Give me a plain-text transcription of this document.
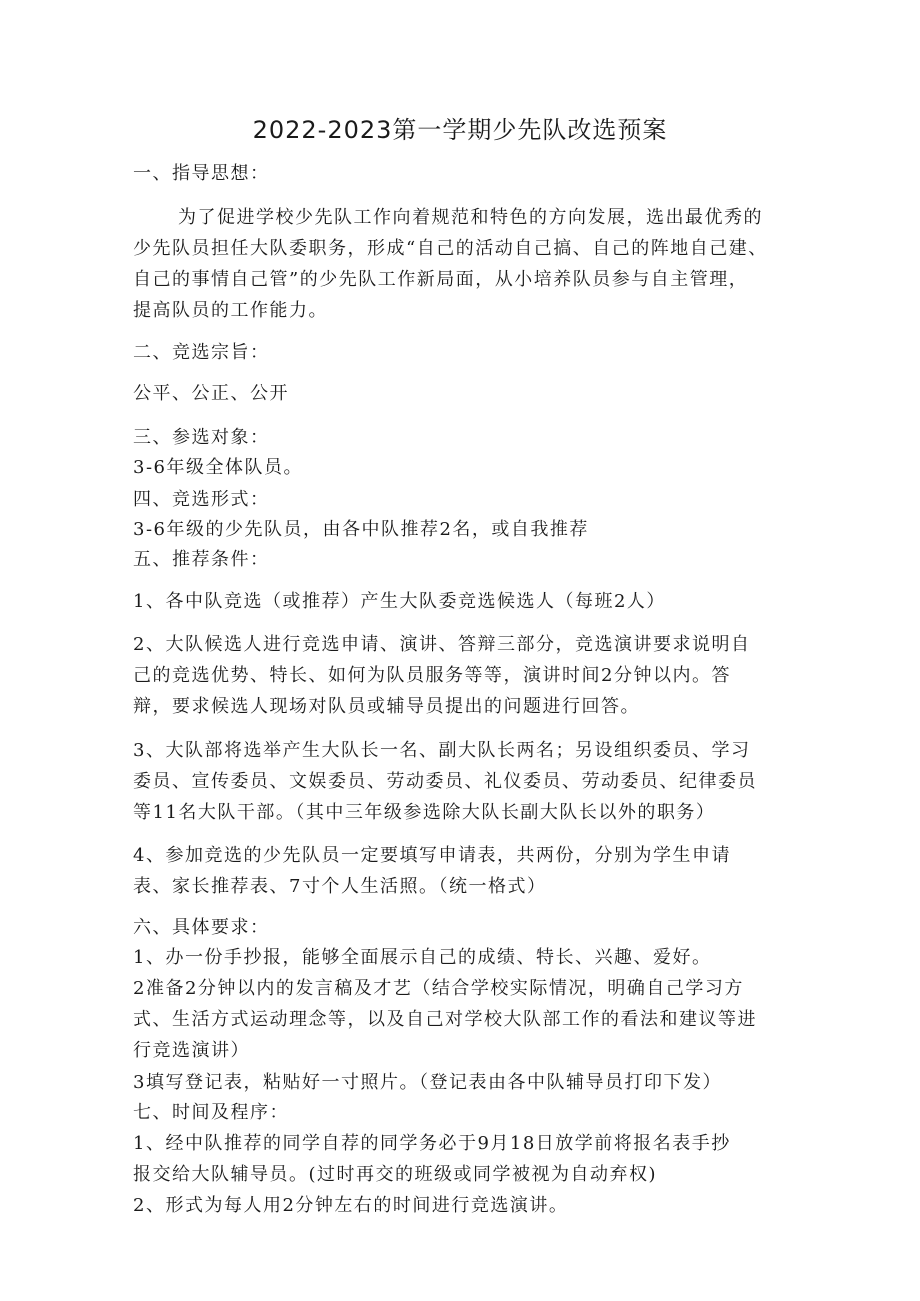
2022-2023第一学期少先队改选预案
一、指导思想：
为了促进学校少先队工作向着规范和特色的方向发展，选出最优秀的
少先队员担任大队委职务，形成“自己的活动自己搞、自己的阵地自己建、
自己的事情自己管”的少先队工作新局面，从小培养队员参与自主管理，
提高队员的工作能力。
二、竞选宗旨：
公平、公正、公开
三、参选对象：
3-6年级全体队员。
四、竞选形式：
3-6年级的少先队员，由各中队推荐2名，或自我推荐
五、推荐条件：
1、各中队竞选（或推荐）产生大队委竞选候选人（每班2人）
2、大队候选人进行竞选申请、演讲、答辩三部分，竞选演讲要求说明自
己的竞选优势、特长、如何为队员服务等等，演讲时间2分钟以内。答
辩，要求候选人现场对队员或辅导员提出的问题进行回答。
3、大队部将选举产生大队长一名、副大队长两名；另设组织委员、学习
委员、宣传委员、文娱委员、劳动委员、礼仪委员、劳动委员、纪律委员
等11名大队干部。（其中三年级参选除大队长副大队长以外的职务）
4、参加竞选的少先队员一定要填写申请表，共两份，分别为学生申请
表、家长推荐表、7寸个人生活照。（统一格式）
六、具体要求：
1、办一份手抄报，能够全面展示自己的成绩、特长、兴趣、爱好。
2准备2分钟以内的发言稿及才艺（结合学校实际情况，明确自己学习方
式、生活方式运动理念等，以及自己对学校大队部工作的看法和建议等进
行竞选演讲）
3填写登记表，粘贴好一寸照片。（登记表由各中队辅导员打印下发）
七、时间及程序：
1、经中队推荐的同学自荐的同学务必于9月18日放学前将报名表手抄
报交给大队辅导员。(过时再交的班级或同学被视为自动弃权)
2、形式为每人用2分钟左右的时间进行竞选演讲。
